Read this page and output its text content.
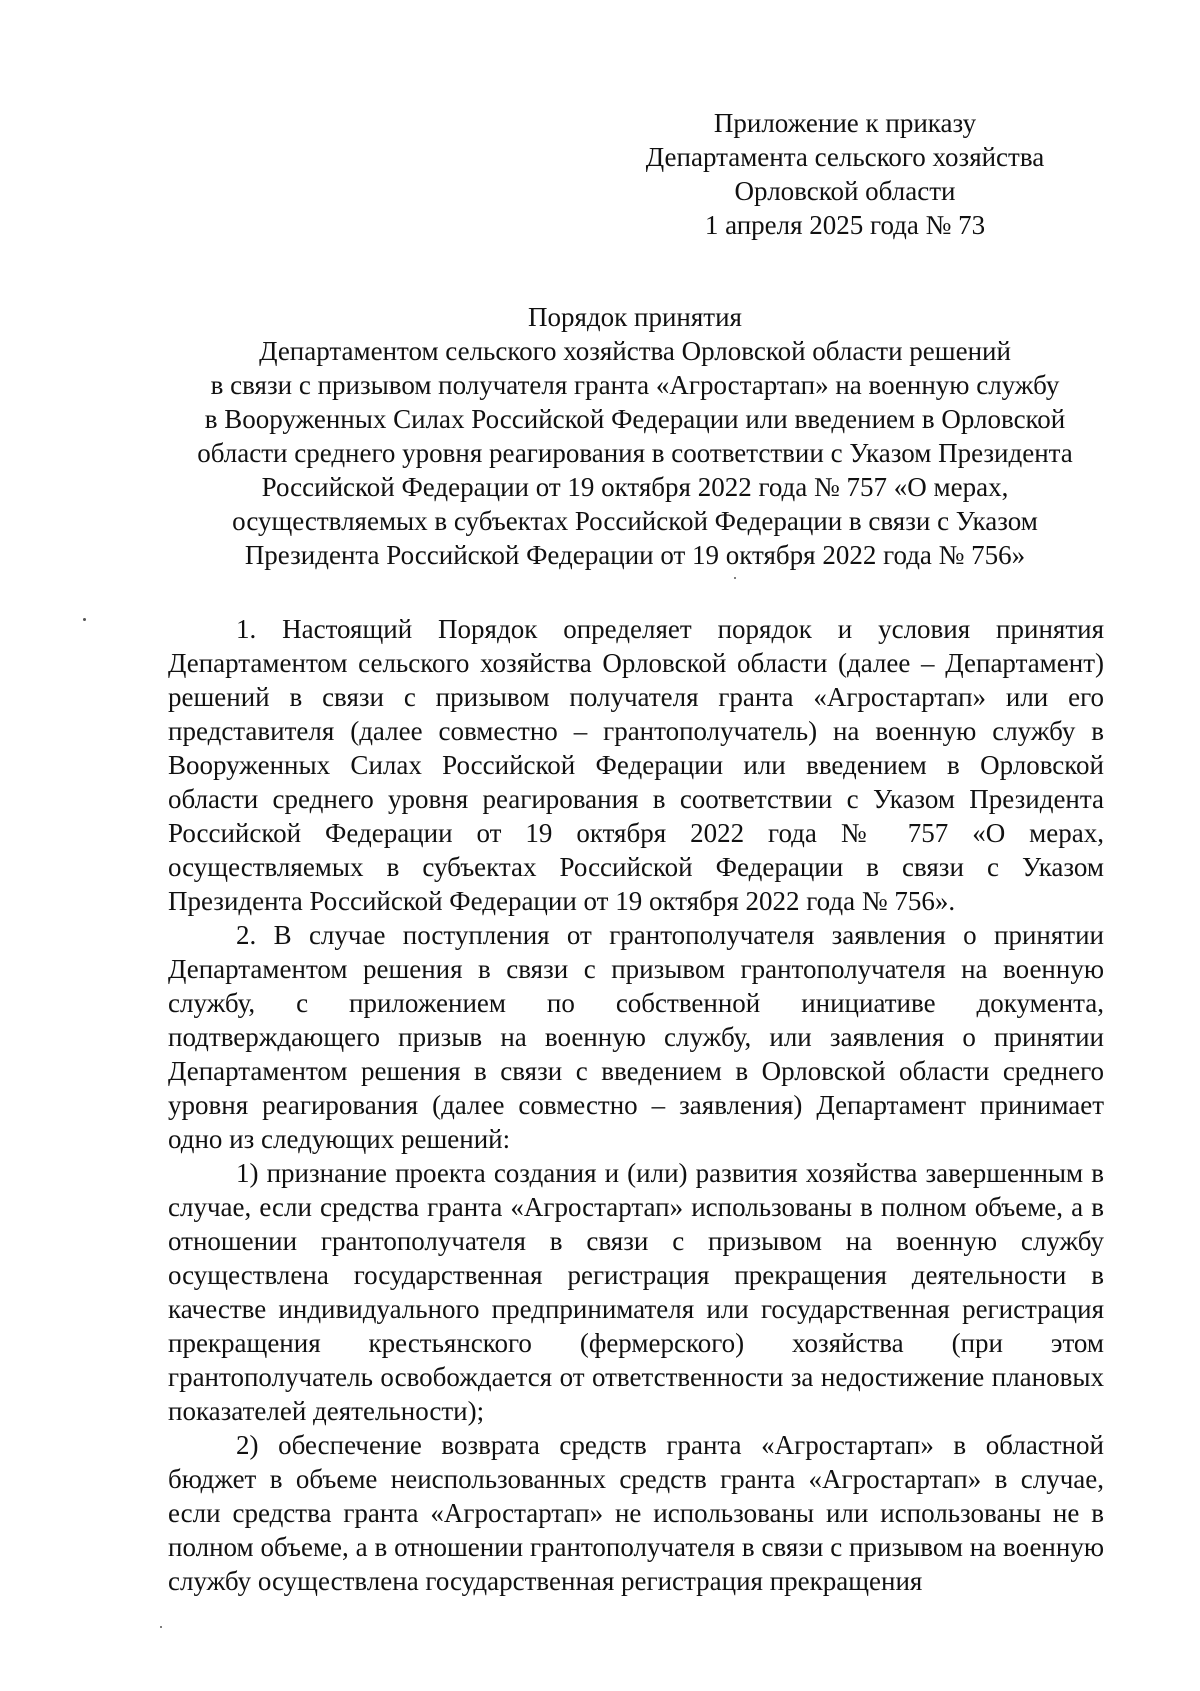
Приложение к приказу
Департамента сельского хозяйства
Орловской области
1 апреля 2025 года № 73
Порядок принятия
Департаментом сельского хозяйства Орловской области решений
в связи с призывом получателя гранта «Агростартап» на военную службу
в Вооруженных Силах Российской Федерации или введением в Орловской
области среднего уровня реагирования в соответствии с Указом Президента
Российской Федерации от 19 октября 2022 года № 757 «О мерах,
осуществляемых в субъектах Российской Федерации в связи с Указом
Президента Российской Федерации от 19 октября 2022 года № 756»

1. Настоящий Порядок определяет порядок и условия принятия Департаментом сельского хозяйства Орловской области (далее – Департамент) решений в связи с призывом получателя гранта «Агростартап» или его представителя (далее совместно – грантополучатель) на военную службу в Вооруженных Силах Российской Федерации или введением в Орловской области среднего уровня реагирования в соответствии с Указом Президента Российской Федерации от 19 октября 2022 года № 757 «О мерах, осуществляемых в субъектах Российской Федерации в связи с Указом Президента Российской Федерации от 19 октября 2022 года № 756».

2. В случае поступления от грантополучателя заявления о принятии Департаментом решения в связи с призывом грантополучателя на военную службу, с приложением по собственной инициативе документа, подтверждающего призыв на военную службу, или заявления о принятии Департаментом решения в связи с введением в Орловской области среднего уровня реагирования (далее совместно – заявления) Департамент принимает одно из следующих решений:

1) признание проекта создания и (или) развития хозяйства завершенным в случае, если средства гранта «Агростартап» использованы в полном объеме, а в отношении грантополучателя в связи с призывом на военную службу осуществлена государственная регистрация прекращения деятельности в качестве индивидуального предпринимателя или государственная регистрация прекращения крестьянского (фермерского) хозяйства (при этом грантополучатель освобождается от ответственности за недостижение плановых показателей деятельности);

2) обеспечение возврата средств гранта «Агростартап» в областной бюджет в объеме неиспользованных средств гранта «Агростартап» в случае, если средства гранта «Агростартап» не использованы или использованы не в полном объеме, а в отношении грантополучателя в связи с призывом на военную службу осуществлена государственная регистрация прекращения
